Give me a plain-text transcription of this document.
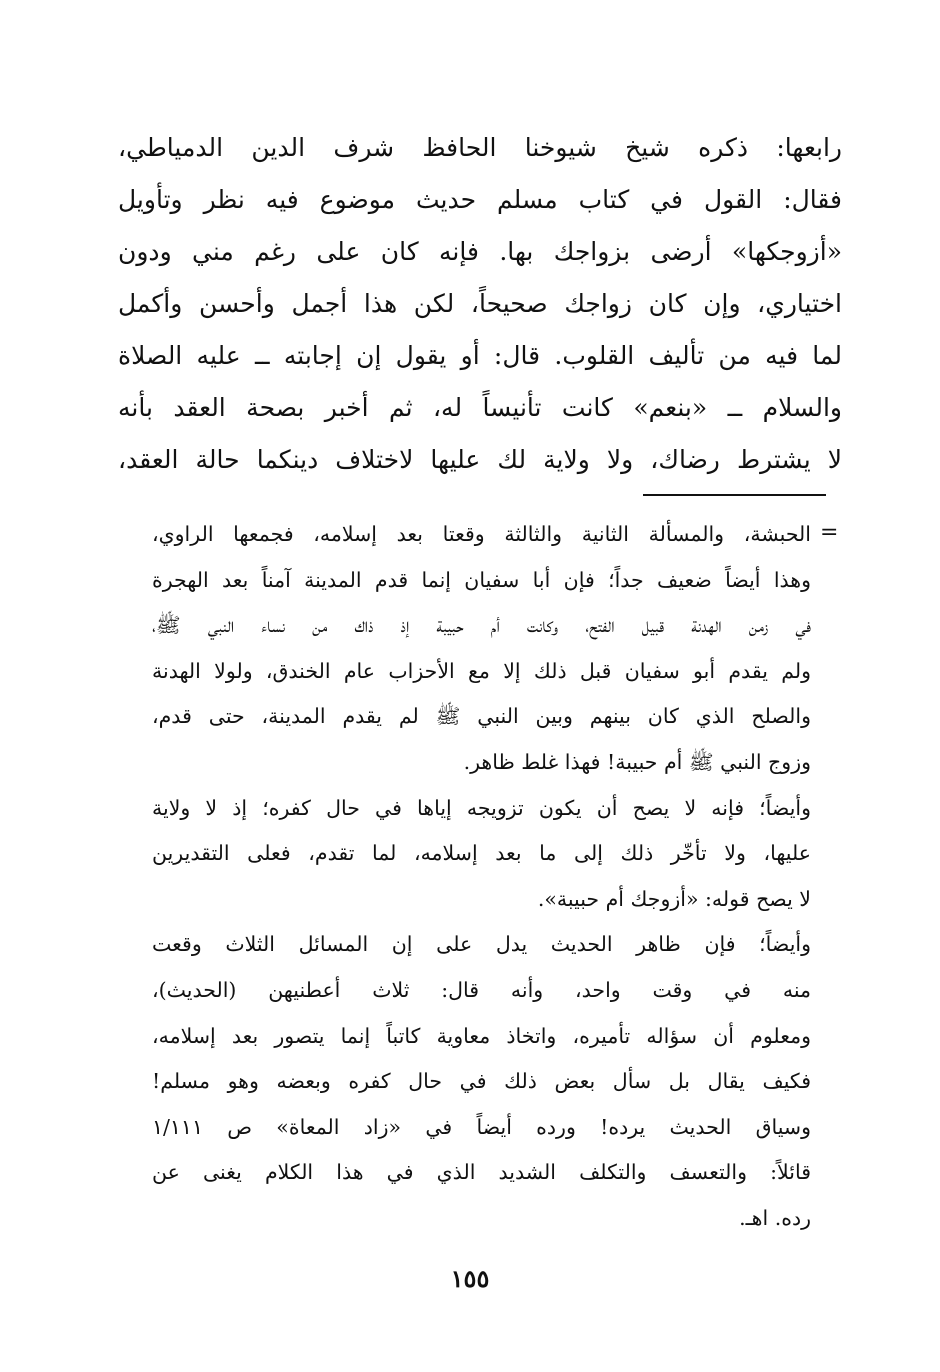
رابعها: ذكره شيخ شيوخنا الحافظ شرف الدين الدمياطي،
فقال: القول في كتاب مسلم حديث موضوع فيه نظر وتأويل
«أزوجكها» أرضى بزواجك بها. فإنه كان على رغم مني ودون
اختياري، وإن كان زواجك صحيحاً، لكن هذا أجمل وأحسن وأكمل
لما فيه من تأليف القلوب. قال: أو يقول إن إجابته ــ عليه الصلاة
والسلام ــ «بنعم» كانت تأنيساً له، ثم أخبر بصحة العقد بأنه
لا يشترط رضاك، ولا ولاية لك عليها لاختلاف دينكما حالة العقد،
=
الحبشة، والمسألة الثانية والثالثة وقعتا بعد إسلامه، فجمعها الراوي،
وهذا أيضاً ضعيف جداً؛ فإن أبا سفيان إنما قدم المدينة آمناً بعد الهجرة
في زمن الهدنة قبيل الفتح، وكانت أم حبيبة إذ ذاك من نساء النبي ﷺ،
ولم يقدم أبو سفيان قبل ذلك إلا مع الأحزاب عام الخندق، ولولا الهدنة
والصلح الذي كان بينهم وبين النبي ﷺ لم يقدم المدينة، حتى قدم،
وزوج النبي ﷺ أم حبيبة! فهذا غلط ظاهر.
وأيضاً؛ فإنه لا يصح أن يكون تزويجه إياها في حال كفره؛ إذ لا ولاية
عليها، ولا تأخّر ذلك إلى ما بعد إسلامه، لما تقدم، فعلى التقديرين
لا يصح قوله: «أزوجك أم حبيبة».
وأيضاً؛ فإن ظاهر الحديث يدل على إن المسائل الثلاث وقعت
منه في وقت واحد، وأنه قال: ثلاث أعطنيهن (الحديث)،
ومعلوم أن سؤاله تأميره، واتخاذ معاوية كاتباً إنما يتصور بعد إسلامه،
فكيف يقال بل سأل بعض ذلك في حال كفره وبعضه وهو مسلم!
وسياق الحديث يرده! ورده أيضاً في «زاد المعاة» ص ١/١١١
قائلاً: والتعسف والتكلف الشديد الذي في هذا الكلام يغنى عن
رده. اهـ.
١٥٥
